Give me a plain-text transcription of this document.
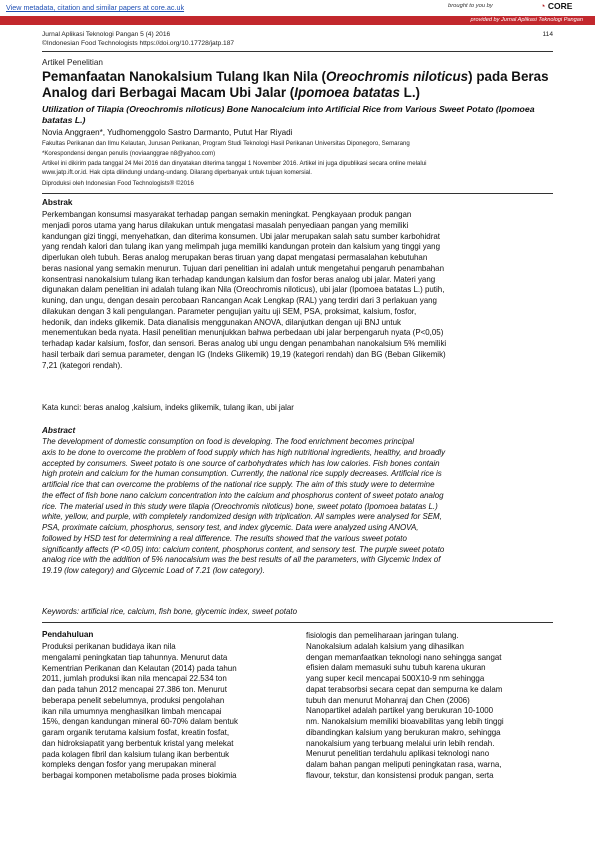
View metadata, citation and similar papers at core.ac.uk	brought to you by	◔ CORE
provided by Jurnal Aplikasi Teknologi Pangan
Jurnal Aplikasi Teknologi Pangan 5 (4) 2016
©Indonesian Food Technologists https://doi.org/10.17728/jatp.187
114
Artikel Penelitian
Pemanfaatan Nanokalsium Tulang Ikan Nila (Oreochromis niloticus) pada Beras Analog dari Berbagai Macam Ubi Jalar (Ipomoea batatas L.)
Utilization of Tilapia (Oreochromis niloticus) Bone Nanocalcium into Artificial Rice from Various Sweet Potato (Ipomoea batatas L.)
Novia Anggraen*, Yudhomenggolo Sastro Darmanto, Putut Har Riyadi
Fakultas Perikanan dan Ilmu Kelautan, Jurusan Perikanan, Program Studi Teknologi Hasil Perikanan Universitas Diponegoro, Semarang
*Korespondensi dengan penulis (noviaanggrae n8@yahoo.com)
Artikel ini dikirim pada tanggal 24 Mei 2016 dan dinyatakan diterima tanggal 1 November 2016. Artikel ini juga dipublikasi secara online melalui
www.jatp.ift.or.id. Hak cipta dilindungi undang-undang. Dilarang diperbanyak untuk tujuan komersial.
Diproduksi oleh Indonesian Food Technologists® ©2016
Abstrak
Perkembangan konsumsi masyarakat terhadap pangan semakin meningkat. Pengkayaan produk pangan
menjadi poros utama yang harus dilakukan untuk mengatasi masalah penyediaan pangan yang memiliki
kandungan gizi tinggi, menyehatkan, dan diterima konsumen. Ubi jalar merupakan salah satu sumber karbohidrat
yang rendah kalori dan tulang ikan yang melimpah juga memiliki kandungan protein dan kalsium yang tinggi yang
diperlukan oleh tubuh. Beras analog merupakan beras tiruan yang dapat mengatasi permasalahan kebutuhan
beras nasional yang semakin menurun. Tujuan dari penelitian ini adalah untuk mengetahui pengaruh penambahan
konsentrasi nanokalsium tulang ikan terhadap kandungan kalsium dan fosfor beras analog ubi jalar. Materi yang
digunakan dalam penelitian ini adalah tulang ikan Nila (Oreochromis niloticus), ubi jalar (Ipomoea batatas L.) putih,
kuning, dan ungu, dengan desain percobaan Rancangan Acak Lengkap (RAL) yang terdiri dari 3 perlakuan yang
dilakukan dengan 3 kali pengulangan. Parameter pengujian yaitu uji SEM, PSA, proksimat, kalsium, fosfor,
hedonik, dan indeks glikemik. Data dianalisis menggunakan ANOVA, dilanjutkan dengan uji BNJ untuk
menementukan beda nyata. Hasil penelitian menunjukkan bahwa perbedaan ubi jalar berpengaruh nyata (P<0,05)
terhadap kadar kalsium, fosfor, dan sensori. Beras analog ubi ungu dengan penambahan nanokalsium 5% memiliki
hasil terbaik dari semua parameter, dengan IG (Indeks Glikemik) 19,19 (kategori rendah) dan BG (Beban Glikemik)
7,21 (kategori rendah).
Kata kunci: beras analog ,kalsium, indeks glikemik, tulang ikan, ubi jalar
Abstract
The development of domestic consumption on food is developing. The food enrichment becomes principal
axis to be done to overcome the problem of food supply which has high nutritional ingredients, healthy, and broadly
accepted by consumers. Sweet potato is one source of carbohydrates which has low calories. Fish bones contain
high protein and calcium for the human consumption. Currently, the national rice supply decreases. Artificial rice is
artificial rice that can overcome the problems of the national rice supply. The aim of this study were to determine
the effect of fish bone nano calcium concentration into the calcium and phosphorus content of sweet potato analog
rice. The material used in this study were tilapia (Oreochromis niloticus) bone, sweet potato (Ipomoea batatas L.)
white, yellow, and purple, with completely randomized design with triplication. All samples were analysed for SEM,
PSA, proximate calcium, phosphorus, sensory test, and index glycemic. Data were analyzed using ANOVA,
followed by HSD test for determining a real difference. The results showed that the various sweet potato
significantly affects (P <0.05) into: calcium content, phosphorus content, and sensory test. The purple sweet potato
analog rice with the addition of 5% nanocalsium was the best results of all the parameters, with Glycemic Index of
19.19 (low category) and Glycemic Load of 7.21 (low category).
Keywords: artificial rice, calcium, fish bone, glycemic index, sweet potato
Pendahuluan
Produksi perikanan budidaya ikan nila
mengalami peningkatan tiap tahunnya. Menurut data
Kementrian Perikanan dan Kelautan (2014) pada tahun
2011, jumlah produksi ikan nila mencapai 22.534 ton
dan pada tahun 2012 mencapai 27.386 ton. Menurut
beberapa penelit sebelumnya, produksi pengolahan
ikan nila umumnya menghasilkan limbah mencapai
15%, dengan kandungan mineral 60-70% dalam bentuk
garam organik terutama kalsium fosfat, kreatin fosfat,
dan hidroksiapatit yang berbentuk kristal yang melekat
pada kolagen fibril dan kalsium tulang ikan berbentuk
kompleks dengan fosfor yang merupakan mineral
berbagai komponen metabolisme pada proses biokimia
fisiologis dan pemeliharaan jaringan tulang.
Nanokalsium adalah kalsium yang dihasilkan
dengan memanfaatkan teknologi nano sehingga sangat
efisien dalam memasuki suhu tubuh karena ukuran
yang super kecil mencapai 500X10-9 nm sehingga
dapat terabsorbsi secara cepat dan sempurna ke dalam
tubuh dan menurut Mohanraj dan Chen (2006)
Nanopartikel adalah partikel yang berukuran 10-1000
nm. Nanokalsium memiliki bioavabilitas yang lebih tinggi
dibandingkan kalsium yang berukuran makro, sehingga
nanokalsium yang terbuang melalui urin lebih rendah.
Menurut penelitian terdahulu aplikasi teknologi nano
dalam bahan pangan meliputi peningkatan rasa, warna,
flavour, tekstur, dan konsistensi produk pangan, serta
